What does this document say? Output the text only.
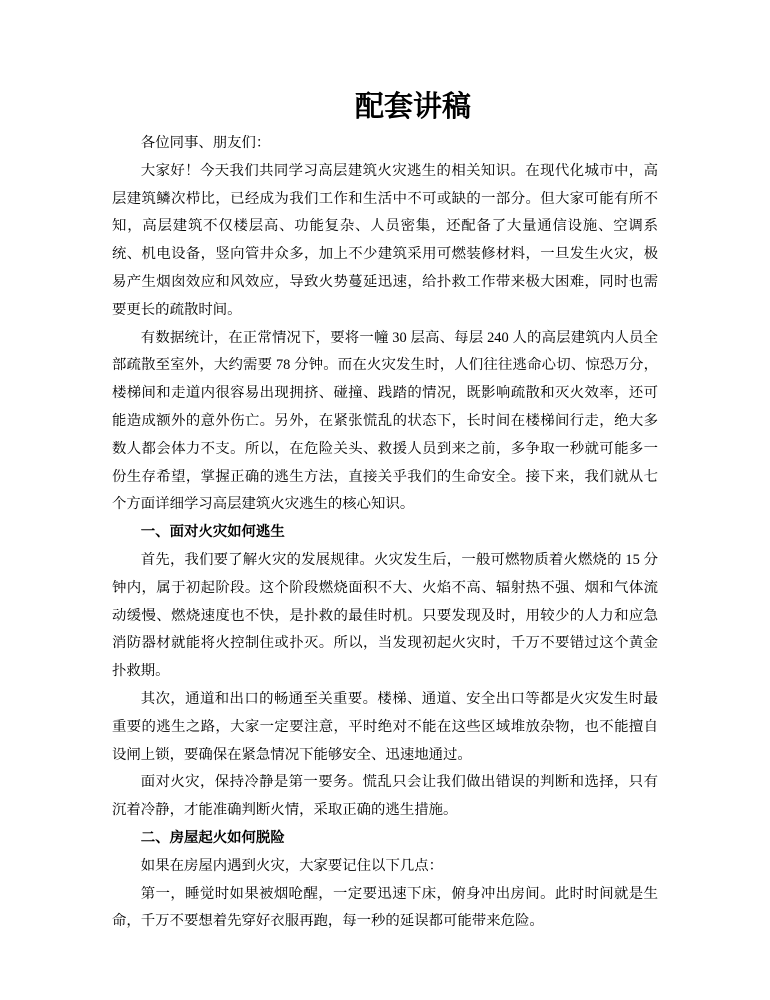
配套讲稿

各位同事、朋友们：

大家好！今天我们共同学习高层建筑火灾逃生的相关知识。在现代化城市中，高层建筑鳞次栉比，已经成为我们工作和生活中不可或缺的一部分。但大家可能有所不知，高层建筑不仅楼层高、功能复杂、人员密集，还配备了大量通信设施、空调系统、机电设备，竖向管井众多，加上不少建筑采用可燃装修材料，一旦发生火灾，极易产生烟囱效应和风效应，导致火势蔓延迅速，给扑救工作带来极大困难，同时也需要更长的疏散时间。

有数据统计，在正常情况下，要将一幢 30 层高、每层 240 人的高层建筑内人员全部疏散至室外，大约需要 78 分钟。而在火灾发生时，人们往往逃命心切、惊恐万分，楼梯间和走道内很容易出现拥挤、碰撞、践踏的情况，既影响疏散和灭火效率，还可能造成额外的意外伤亡。另外，在紧张慌乱的状态下，长时间在楼梯间行走，绝大多数人都会体力不支。所以，在危险关头、救援人员到来之前，多争取一秒就可能多一份生存希望，掌握正确的逃生方法，直接关乎我们的生命安全。接下来，我们就从七个方面详细学习高层建筑火灾逃生的核心知识。

一、面对火灾如何逃生

首先，我们要了解火灾的发展规律。火灾发生后，一般可燃物质着火燃烧的 15 分钟内，属于初起阶段。这个阶段燃烧面积不大、火焰不高、辐射热不强、烟和气体流动缓慢、燃烧速度也不快，是扑救的最佳时机。只要发现及时，用较少的人力和应急消防器材就能将火控制住或扑灭。所以，当发现初起火灾时，千万不要错过这个黄金扑救期。

其次，通道和出口的畅通至关重要。楼梯、通道、安全出口等都是火灾发生时最重要的逃生之路，大家一定要注意，平时绝对不能在这些区域堆放杂物，也不能擅自设闸上锁，要确保在紧急情况下能够安全、迅速地通过。

面对火灾，保持冷静是第一要务。慌乱只会让我们做出错误的判断和选择，只有沉着冷静，才能准确判断火情，采取正确的逃生措施。

二、房屋起火如何脱险

如果在房屋内遇到火灾，大家要记住以下几点：

第一，睡觉时如果被烟呛醒，一定要迅速下床，俯身冲出房间。此时时间就是生命，千万不要想着先穿好衣服再跑，每一秒的延误都可能带来危险。
